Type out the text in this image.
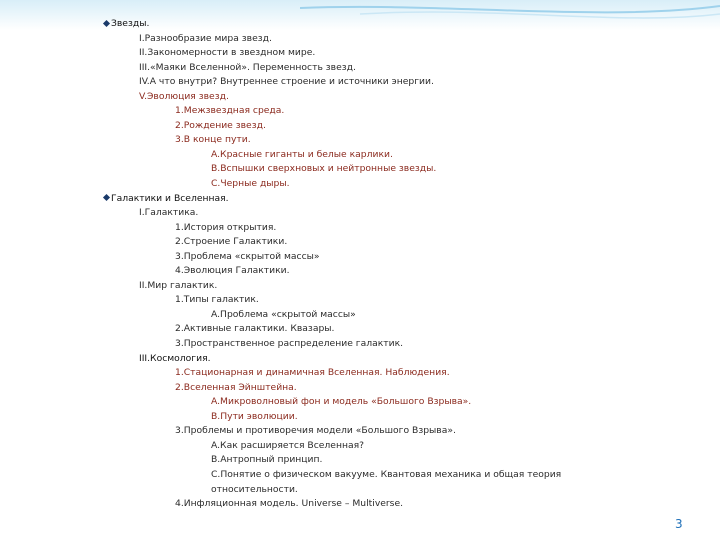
Звезды.
I.Разнообразие мира звезд.
II.Закономерности в звездном мире.
III.«Маяки Вселенной». Переменность звезд.
IV.А что внутри? Внутреннее строение и источники энергии.
V.Эволюция звезд.
1.Межзвездная среда.
2.Рождение звезд.
3.В конце пути.
A.Красные гиганты и белые карлики.
B.Вспышки сверхновых и нейтронные звезды.
C.Черные дыры.
Галактики и Вселенная.
I.Галактика.
1.История открытия.
2.Строение Галактики.
3.Проблема «скрытой массы»
4.Эволюция Галактики.
II.Мир галактик.
1.Типы галактик.
A.Проблема «скрытой массы»
2.Активные галактики. Квазары.
3.Пространственное распределение галактик.
III.Космология.
1.Стационарная и динамичная Вселенная. Наблюдения.
2.Вселенная Эйнштейна.
A.Микроволновый фон и модель «Большого Взрыва».
B.Пути эволюции.
3.Проблемы и противоречия модели «Большого Взрыва».
A.Как расширяется Вселенная?
B.Антропный принцип.
C.Понятие о физическом вакууме. Квантовая механика и общая теория относительности.
4.Инфляционная модель. Universe – Multiverse.
3
